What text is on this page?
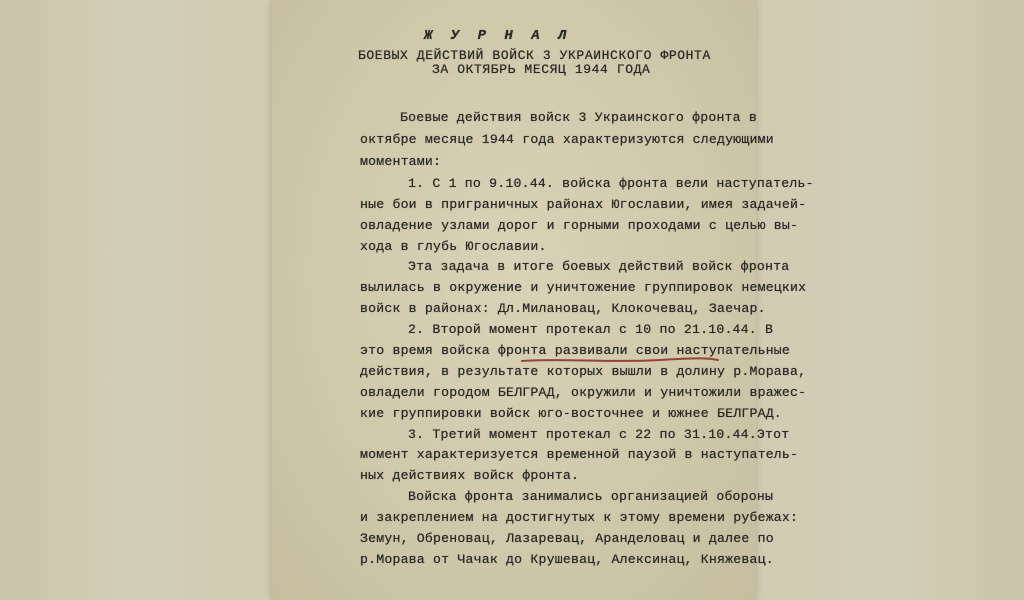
Ж У Р Н А Л
БОЕВЫХ ДЕЙСТВИЙ ВОЙСК 3 УКРАИНСКОГО ФРОНТА
ЗА ОКТЯБРЬ МЕСЯЦ 1944 ГОДА
Боевые действия войск 3 Украинского фронта в
октябре месяце 1944 года характеризуются следующими
моментами:
1. С 1 по 9.10.44. войска фронта вели наступатель-
ные бои в приграничных районах Югославии, имея задачей-
овладение узлами дорог и горными проходами с целью вы-
хода в глубь Югославии.
Эта задача в итоге боевых действий войск фронта
вылилась в окружение и уничтожение группировок немецких
войск в районах: Дл.Милановац, Клокочевац, Заечар.
2. Второй момент протекал с 10 по 21.10.44. В
это время войска фронта развивали свои наступательные
действия, в результате которых вышли в долину р.Морава,
овладели городом БЕЛГРАД, окружили и уничтожили вражес-
кие группировки войск юго-восточнее и южнее БЕЛГРАД.
3. Третий момент протекал с 22 по 31.10.44.Этот
момент характеризуется временной паузой в наступатель-
ных действиях войск фронта.
Войска фронта занимались организацией обороны
и закреплением на достигнутых к этому времени рубежах:
Земун, Обреновац, Лазаревац, Аранделовац и далее по
р.Морава от Чачак до Крушевац, Алексинац, Княжевац.
